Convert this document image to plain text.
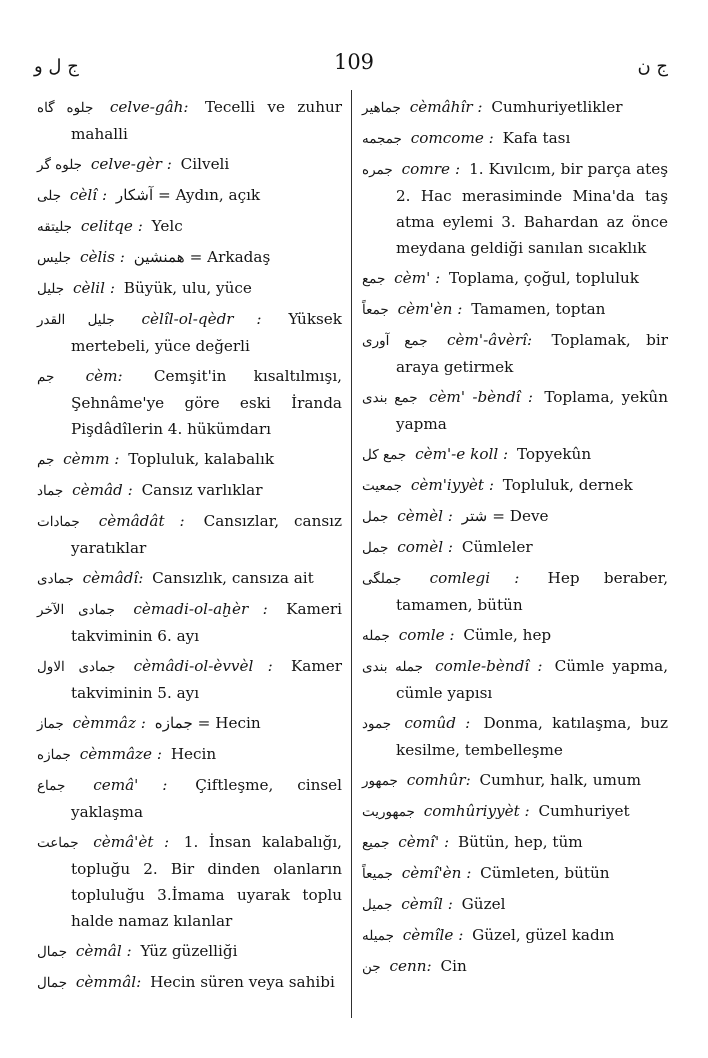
ج ل و	109	ج ن

جلوه گاه celve-gâh: Tecelli ve zuhur mahalli

جلوه گر celve-gèr : Cilveli

جلى cèlî : آشكار = Aydın, açık

جليتقه celitqe : Yelc

جليس cèlis : همنشين = Arkadaş

جليل cèlil : Büyük, ulu, yüce

جليل القدر cèlîl-ol-qèdr : Yüksek mertebeli, yüce değerli

جم cèm: Cemşit'in kısaltılmışı, Şehnâme'ye göre eski İranda Pişdâdîlerin 4. hükümdarı

جم cèmm : Topluluk, kalabalık

جماد cèmâd : Cansız varlıklar

جمادات cèmâdât : Cansızlar, cansız yaratıklar

جمادى cèmâdî: Cansızlık, cansıza ait

جمادى الآخر cèmadi-ol-aḫèr : Kameri takviminin 6. ayı

جمادى الاول cèmâdi-ol-èvvèl : Kamer takviminin 5. ayı

جماز cèmmâz : جمازه = Hecin

جمازه cèmmâze : Hecin

جماع cemâ' : Çiftleşme, cinsel yaklaşma

جماعت cèmâ'èt : 1. İnsan kalabalığı, topluğu 2. Bir dinden olanların topluluğu 3.İmama uyarak toplu halde namaz kılanlar

جمال cèmâl : Yüz güzelliği

جمال cèmmâl: Hecin süren veya sahibi

جماهير cèmâhîr : Cumhuriyetlikler

جمجمه comcome : Kafa tası

جمره comre : 1. Kıvılcım, bir parça ateş 2. Hac merasiminde Mina'da taş atma eylemi 3. Bahardan az önce meydana geldiği sanılan sıcaklık

جمع cèm' : Toplama, çoğul, topluluk

جمعاً cèm'èn : Tamamen, toptan

جمع آورى cèm'-âvèrî: Toplamak, bir araya getirmek

جمع بندى cèm' -bèndî : Toplama, yekûn yapma

جمع كل cèm'-e koll : Topyekûn

جمعيت cèm'iyyèt : Topluluk, dernek

جمل cèmèl : شتر = Deve

جمل comèl : Cümleler

جملگى comlegi : Hep beraber, tamamen, bütün

جمله comle : Cümle, hep

جمله بندى comle-bèndî : Cümle yapma, cümle yapısı

جمود comûd : Donma, katılaşma, buz kesilme, tembelleşme

جمهور comhûr: Cumhur, halk, umum

جمهوريت comhûriyyèt : Cumhuriyet

جميع cèmî' : Bütün, hep, tüm

جميعاً cèmî'èn : Cümleten, bütün

جميل cèmîl : Güzel

جميله cèmîle : Güzel, güzel kadın

جن cenn: Cin
